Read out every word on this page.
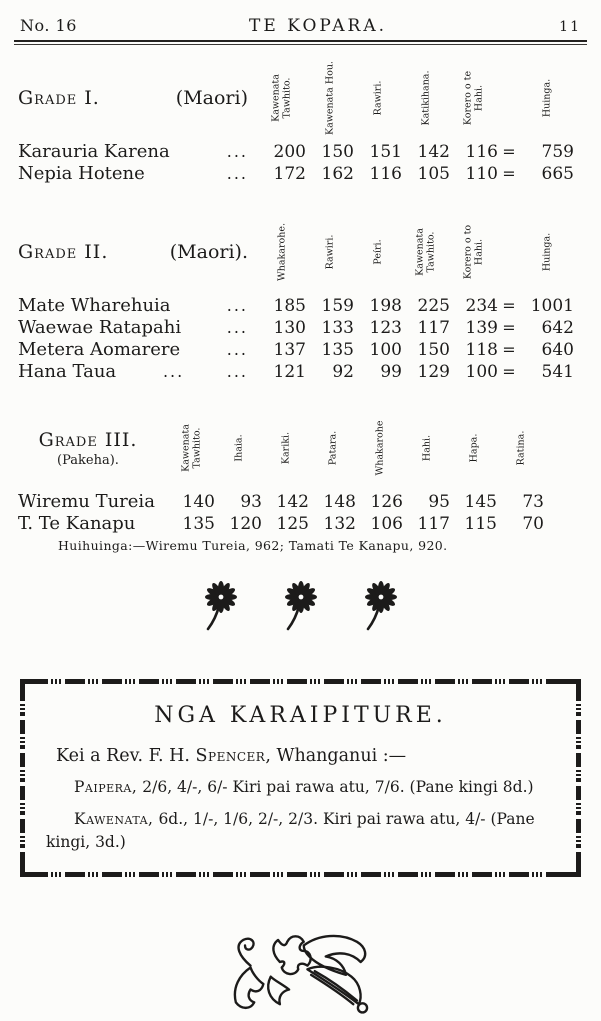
No. 16	TE KOPARA.	11
Grade I.	(Maori) Kawenata Tawhito.	Kawenata Hou.	Rawiri.	Katikihana.	Korero o te Hahi.	Huinga.
Karauria Karena	...	200 150 151 142 116 =	759
Nepia Hotene	...	172 162 116 105 110 =	665
Grade II.	(Maori).	Whakarohe.	Rawiri.	Peíri.	Kawenata Tawhito.	Korero o to Hahi.	Huinga.
Mate Wharehuia	...	185 159 198 225 234 = 1001
Waewae Ratapahi	...	130 133 123 117 139 =	642
Metera Aomarere	...	137 135 100 150 118 =	640
Hana Taua	...      ...	121	92	99 129 100 =	541
Grade III.
(Pakeha).	Kawenata Tawhito.	Ihaia.	Kariki.	Patara.	Whakarohe	Hahi.	Hapa.	Ratina.
Wiremu Tureia	140	93 142 148 126	95 145	73
T. Te Kanapu	135 120 125 132 106 117 115	70
Huihuinga:—Wiremu Tureia, 962; Tamati Te Kanapu, 920.
NGA KARAIPITURE.

Kei a Rev. F. H. Spencer, Whanganui :—

Paipera, 2/6, 4/-, 6/- Kiri pai rawa atu, 7/6. (Pane kingi 8d.)

Kawenata, 6d., 1/-, 1/6, 2/-, 2/3. Kiri pai rawa atu, 4/- (Pane kingi, 3d.)
